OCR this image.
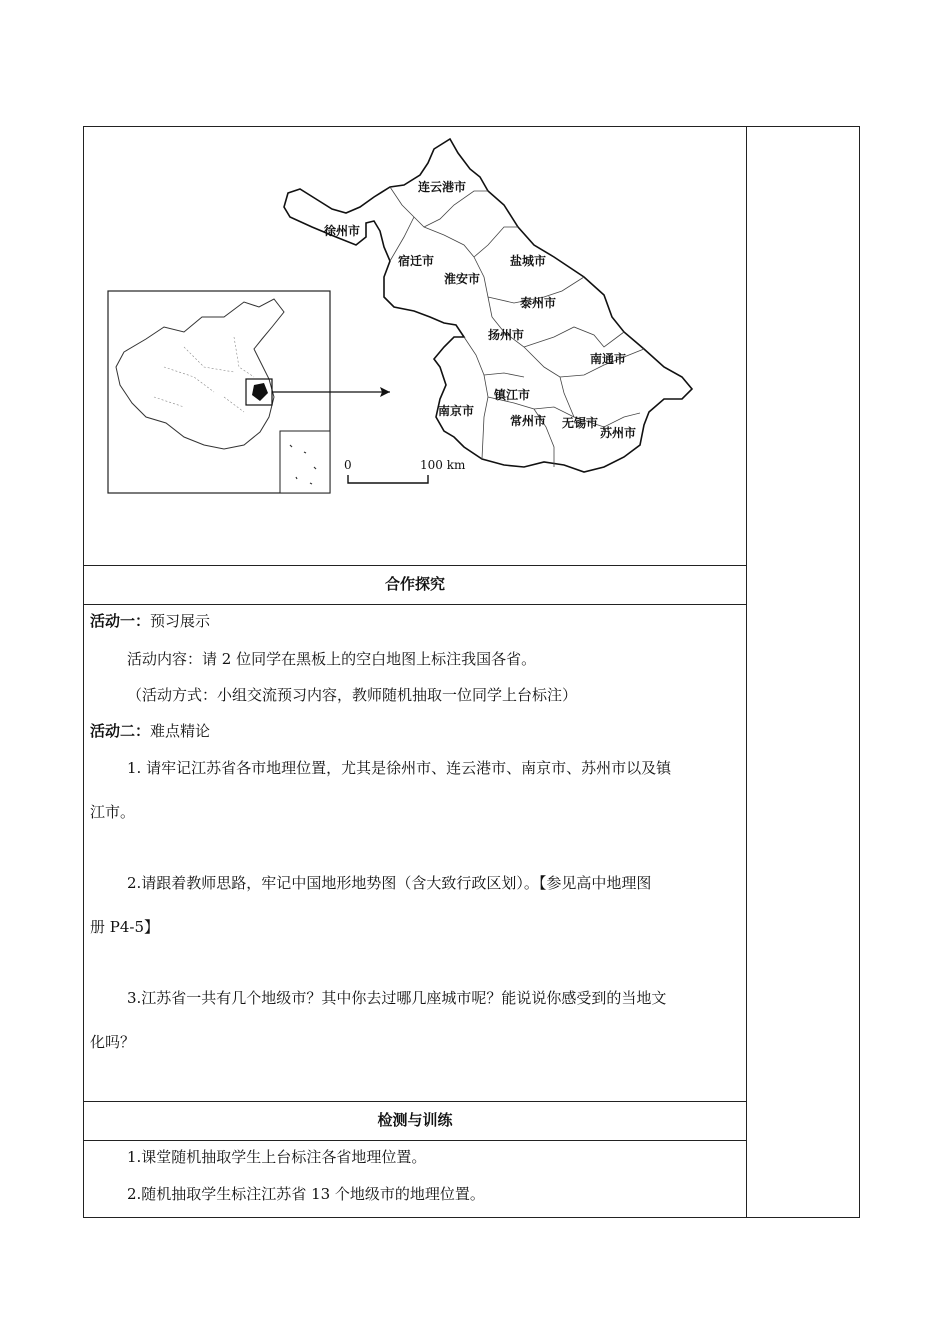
连云港市
徐州市
宿迁市
淮安市
盐城市
泰州市
扬州市
南通市
镇江市
南京市
常州市 无锡市
苏州市
0	100 km
合作探究
活动一：预习展示
活动内容：请 2 位同学在黑板上的空白地图上标注我国各省。
（活动方式：小组交流预习内容，教师随机抽取一位同学上台标注）
活动二：难点精论
1. 请牢记江苏省各市地理位置，尤其是徐州市、连云港市、南京市、苏州市以及镇
江市。
2.请跟着教师思路，牢记中国地形地势图（含大致行政区划）。【参见高中地理图
册 P4-5】
3.江苏省一共有几个地级市？其中你去过哪几座城市呢？能说说你感受到的当地文
化吗？
检测与训练
1.课堂随机抽取学生上台标注各省地理位置。
2.随机抽取学生标注江苏省 13 个地级市的地理位置。
